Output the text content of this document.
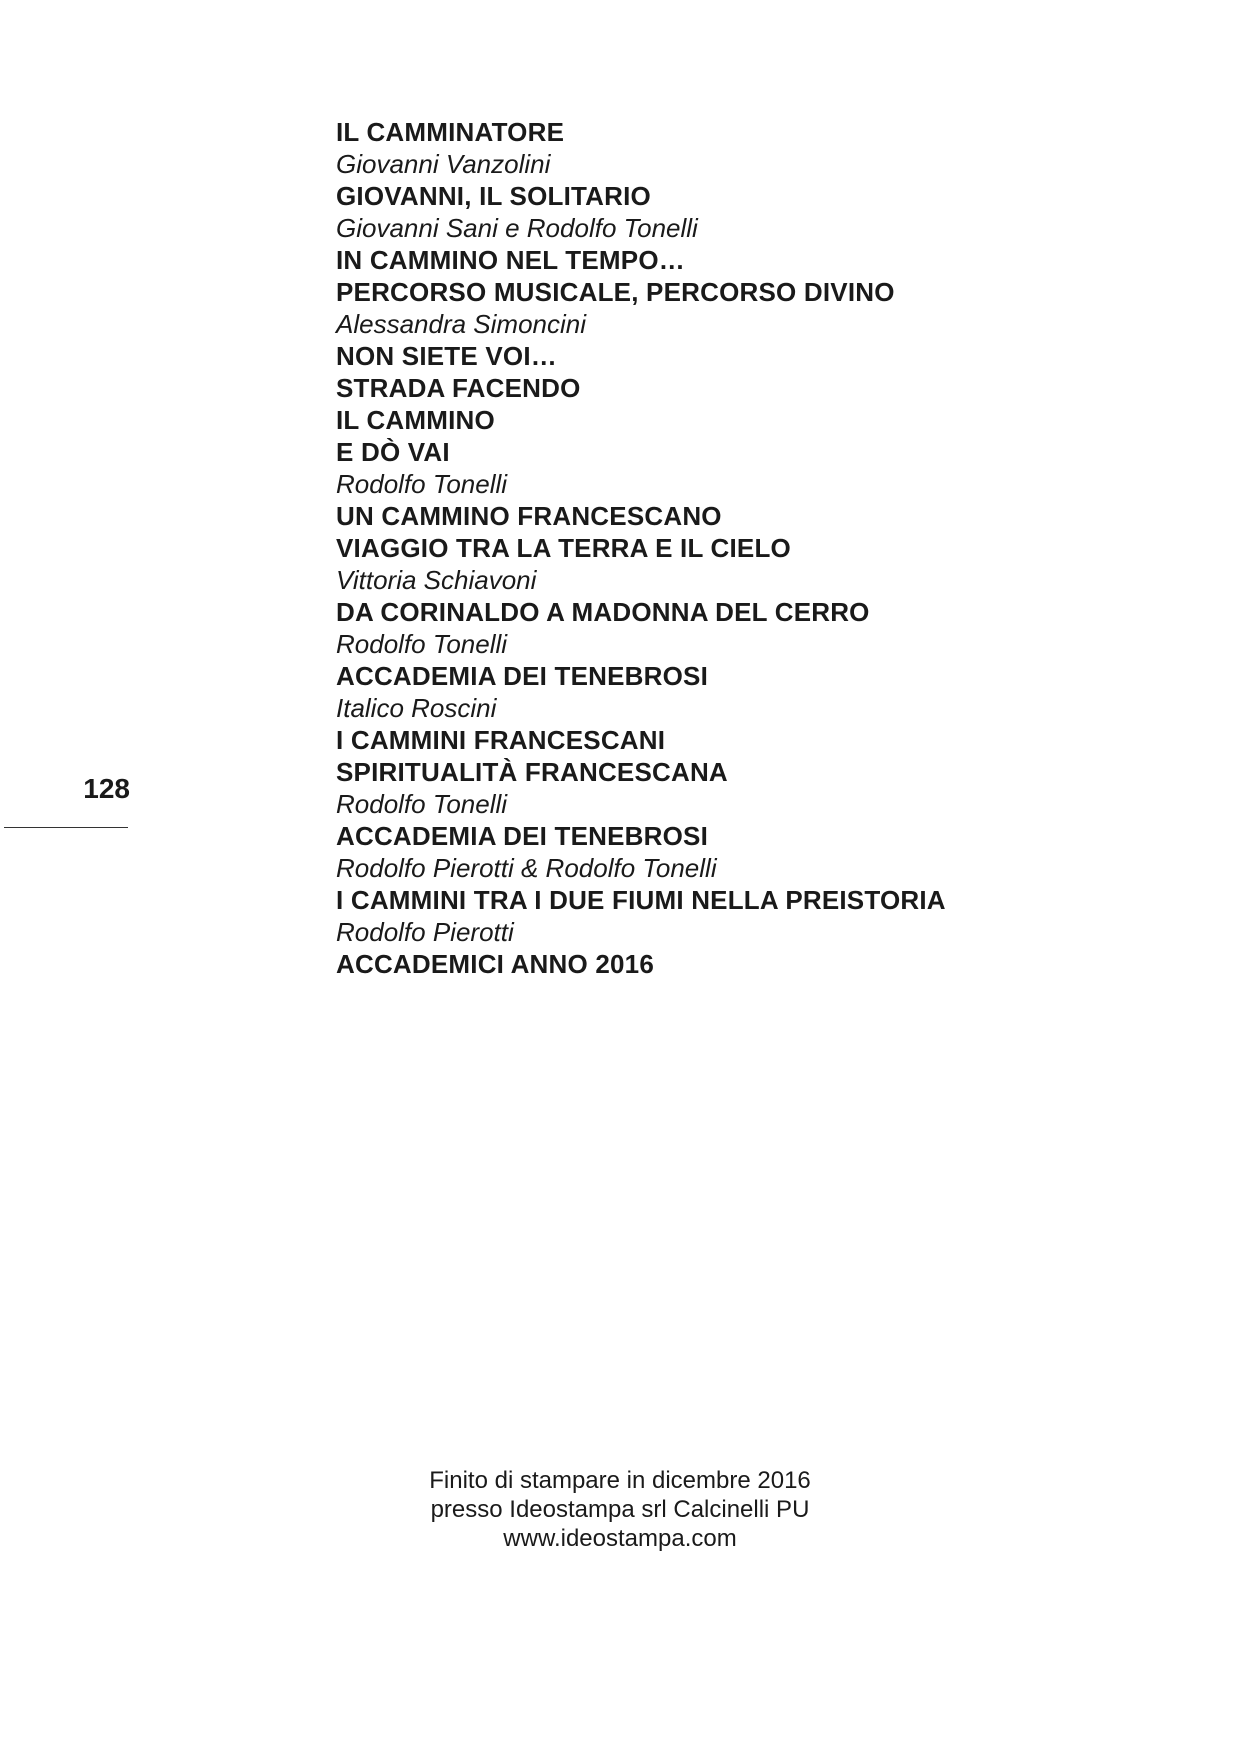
IL CAMMINATORE
Giovanni Vanzolini
GIOVANNI, IL SOLITARIO
Giovanni Sani e Rodolfo Tonelli
IN CAMMINO NEL TEMPO…
PERCORSO MUSICALE, PERCORSO DIVINO
Alessandra Simoncini
NON SIETE VOI…
STRADA FACENDO
IL CAMMINO
E DÒ VAI
Rodolfo Tonelli
UN CAMMINO FRANCESCANO
VIAGGIO TRA LA TERRA E IL CIELO
Vittoria Schiavoni
DA CORINALDO A MADONNA DEL CERRO
Rodolfo Tonelli
ACCADEMIA DEI TENEBROSI
Italico Roscini
I CAMMINI FRANCESCANI
SPIRITUALITÀ FRANCESCANA
Rodolfo Tonelli
ACCADEMIA DEI TENEBROSI
Rodolfo Pierotti & Rodolfo Tonelli
I CAMMINI TRA I DUE FIUMI NELLA PREISTORIA
Rodolfo Pierotti
ACCADEMICI ANNO 2016
128
Finito di stampare in dicembre 2016
presso Ideostampa srl Calcinelli PU
www.ideostampa.com
